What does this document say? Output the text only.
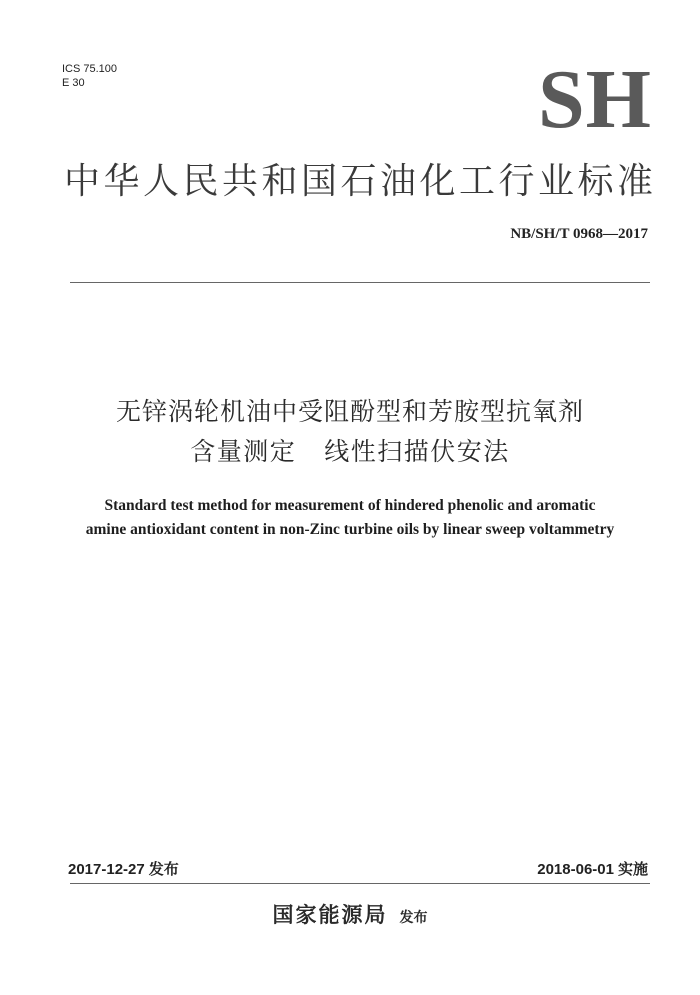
ICS 75.100
E 30	SH
中华人民共和国石油化工行业标准
NB/SH/T 0968—2017
无锌涡轮机油中受阻酚型和芳胺型抗氧剂
含量测定 线性扫描伏安法
Standard test method for measurement of hindered phenolic and aromatic
amine antioxidant content in non-Zinc turbine oils by linear sweep voltammetry
2017-12-27 发布	2018-06-01 实施
国家能源局 发布
